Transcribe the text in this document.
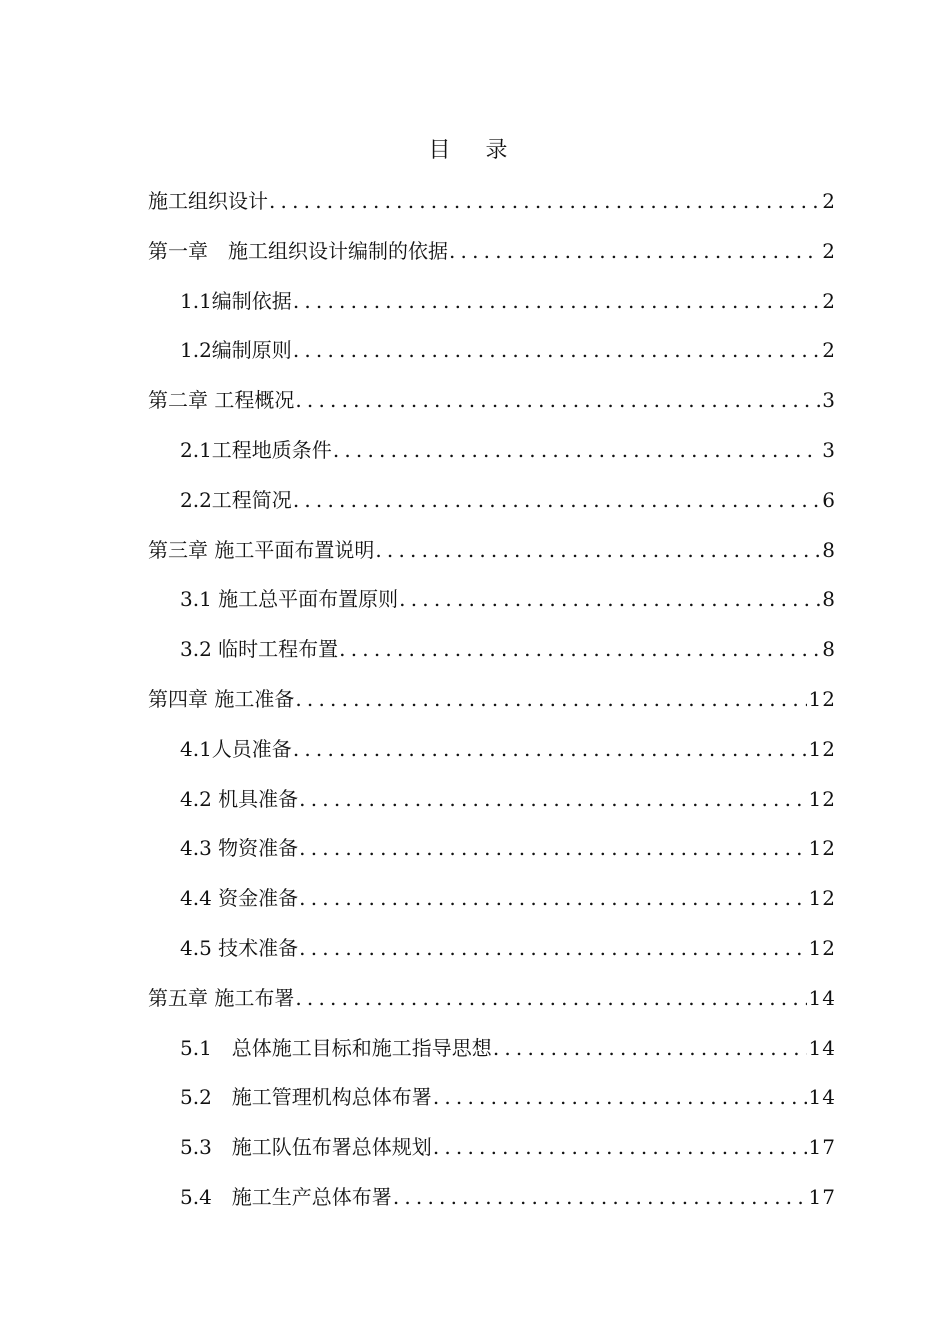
目 录
施工组织设计 .....	2
第一章　施工组织设计编制的依据 .....	2
1.1编制依据 .....	2
1.2编制原则 .....	2
第二章 工程概况 .....	3
2.1工程地质条件 .....	3
2.2工程简况 .....	6
第三章 施工平面布置说明 .....	8
3.1 施工总平面布置原则 .....	8
3.2 临时工程布置 .....	8
第四章 施工准备 .....	12
4.1人员准备 .....	12
4.2 机具准备 .....	12
4.3 物资准备 .....	12
4.4 资金准备 .....	12
4.5 技术准备 .....	12
第五章 施工布署 .....	14
5.1　总体施工目标和施工指导思想 .....	14
5.2　施工管理机构总体布署 .....	14
5.3　施工队伍布署总体规划 .....	17
5.4　施工生产总体布署 .....	17
